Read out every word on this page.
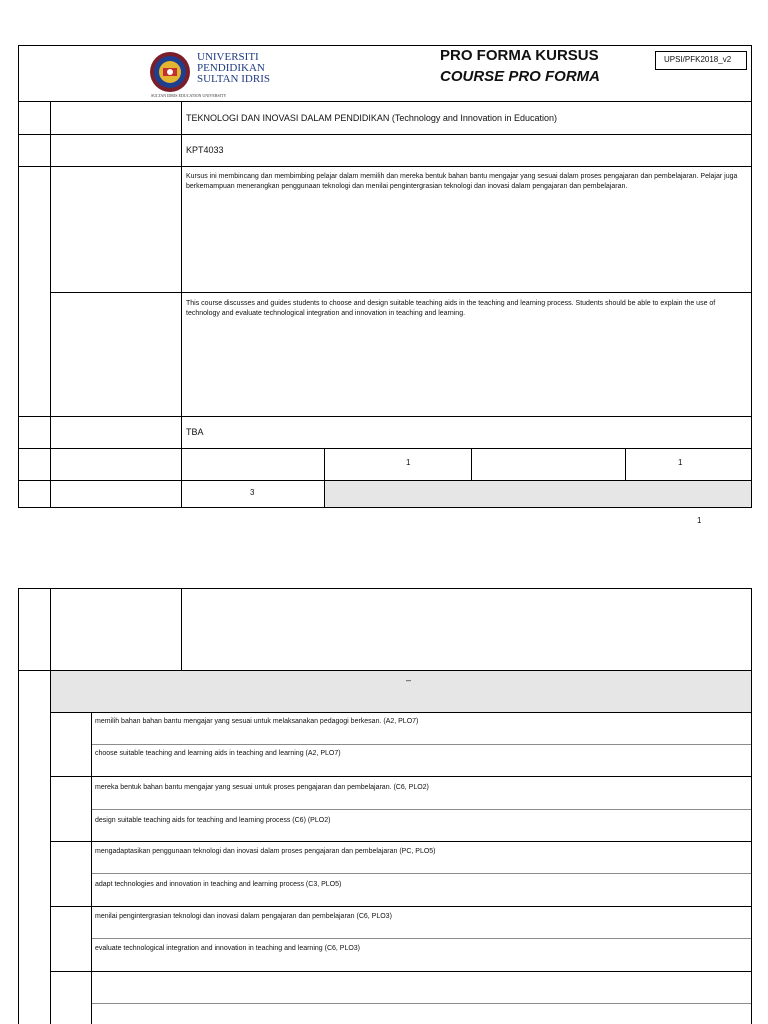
UNIVERSITI
PENDIDIKAN
SULTAN IDRIS
SULTAN IDRIS EDUCATION UNIVERSITY
PRO FORMA KURSUS
COURSE PRO FORMA
UPSI/PFK2018_v2
TEKNOLOGI DAN INOVASI DALAM PENDIDIKAN (Technology and Innovation in Education)
KPT4033
Kursus ini membincang dan membimbing pelajar dalam memilih dan mereka bentuk bahan bantu mengajar yang sesuai dalam proses pengajaran dan pembelajaran. Pelajar juga berkemampuan menerangkan penggunaan teknologi dan menilai pengintergrasian teknologi dan inovasi dalam pengajaran dan pembelajaran.
This course discusses and guides students to choose and design suitable teaching aids in the teaching and learning process. Students should be able to explain the use of technology and evaluate technological integration and innovation in teaching and learning.
TBA
1	1
3
1
–
memilih bahan bahan bantu mengajar yang sesuai untuk melaksanakan pedagogi berkesan. (A2, PLO7)
choose suitable teaching and learning aids in teaching and learning (A2, PLO7)
mereka bentuk bahan bantu mengajar yang sesuai untuk proses pengajaran dan pembelajaran. (C6, PLO2)
design suitable teaching aids for teaching and learning process (C6) (PLO2)
mengadaptasikan penggunaan teknologi dan inovasi dalam proses pengajaran dan pembelajaran (PC, PLO5)
adapt technologies and innovation in teaching and learning process (C3, PLO5)
menilai pengintergrasian teknologi dan inovasi dalam pengajaran dan pembelajaran (C6, PLO3)
evaluate technological integration and innovation in teaching and learning (C6, PLO3)
